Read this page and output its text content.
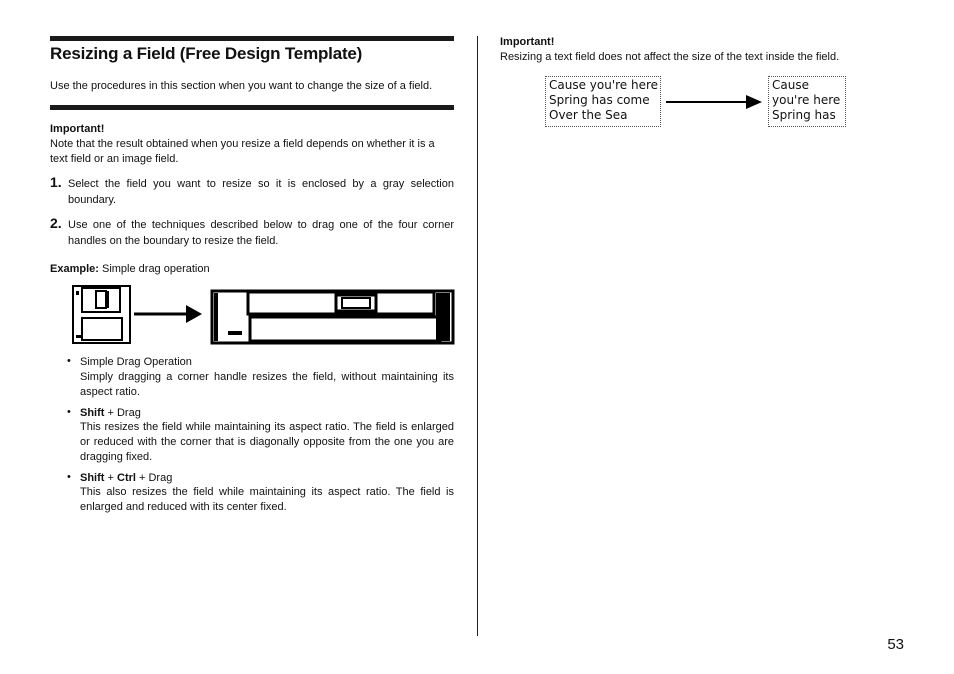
Resizing a Field (Free Design Template)
Use the procedures in this section when you want to change the size of a field.
Important!
Note that the result obtained when you resize a field depends on whether it is a text field or an image field.
1. Select the field you want to resize so it is enclosed by a gray selection boundary.
2. Use one of the techniques described below to drag one of the four corner handles on the boundary to resize the field.
Example: Simple drag operation
• Simple Drag Operation
Simply dragging a corner handle resizes the field, without maintaining its aspect ratio.
• Shift + Drag
This resizes the field while maintaining its aspect ratio. The field is enlarged or reduced with the corner that is diagonally opposite from the one you are dragging fixed.
• Shift + Ctrl + Drag
This also resizes the field while maintaining its aspect ratio. The field is enlarged and reduced with its center fixed.
Important!
Resizing a text field does not affect the size of the text inside the field.
Cause you're here
Spring has come
Over the Sea
Cause
you're here
Spring has
53
